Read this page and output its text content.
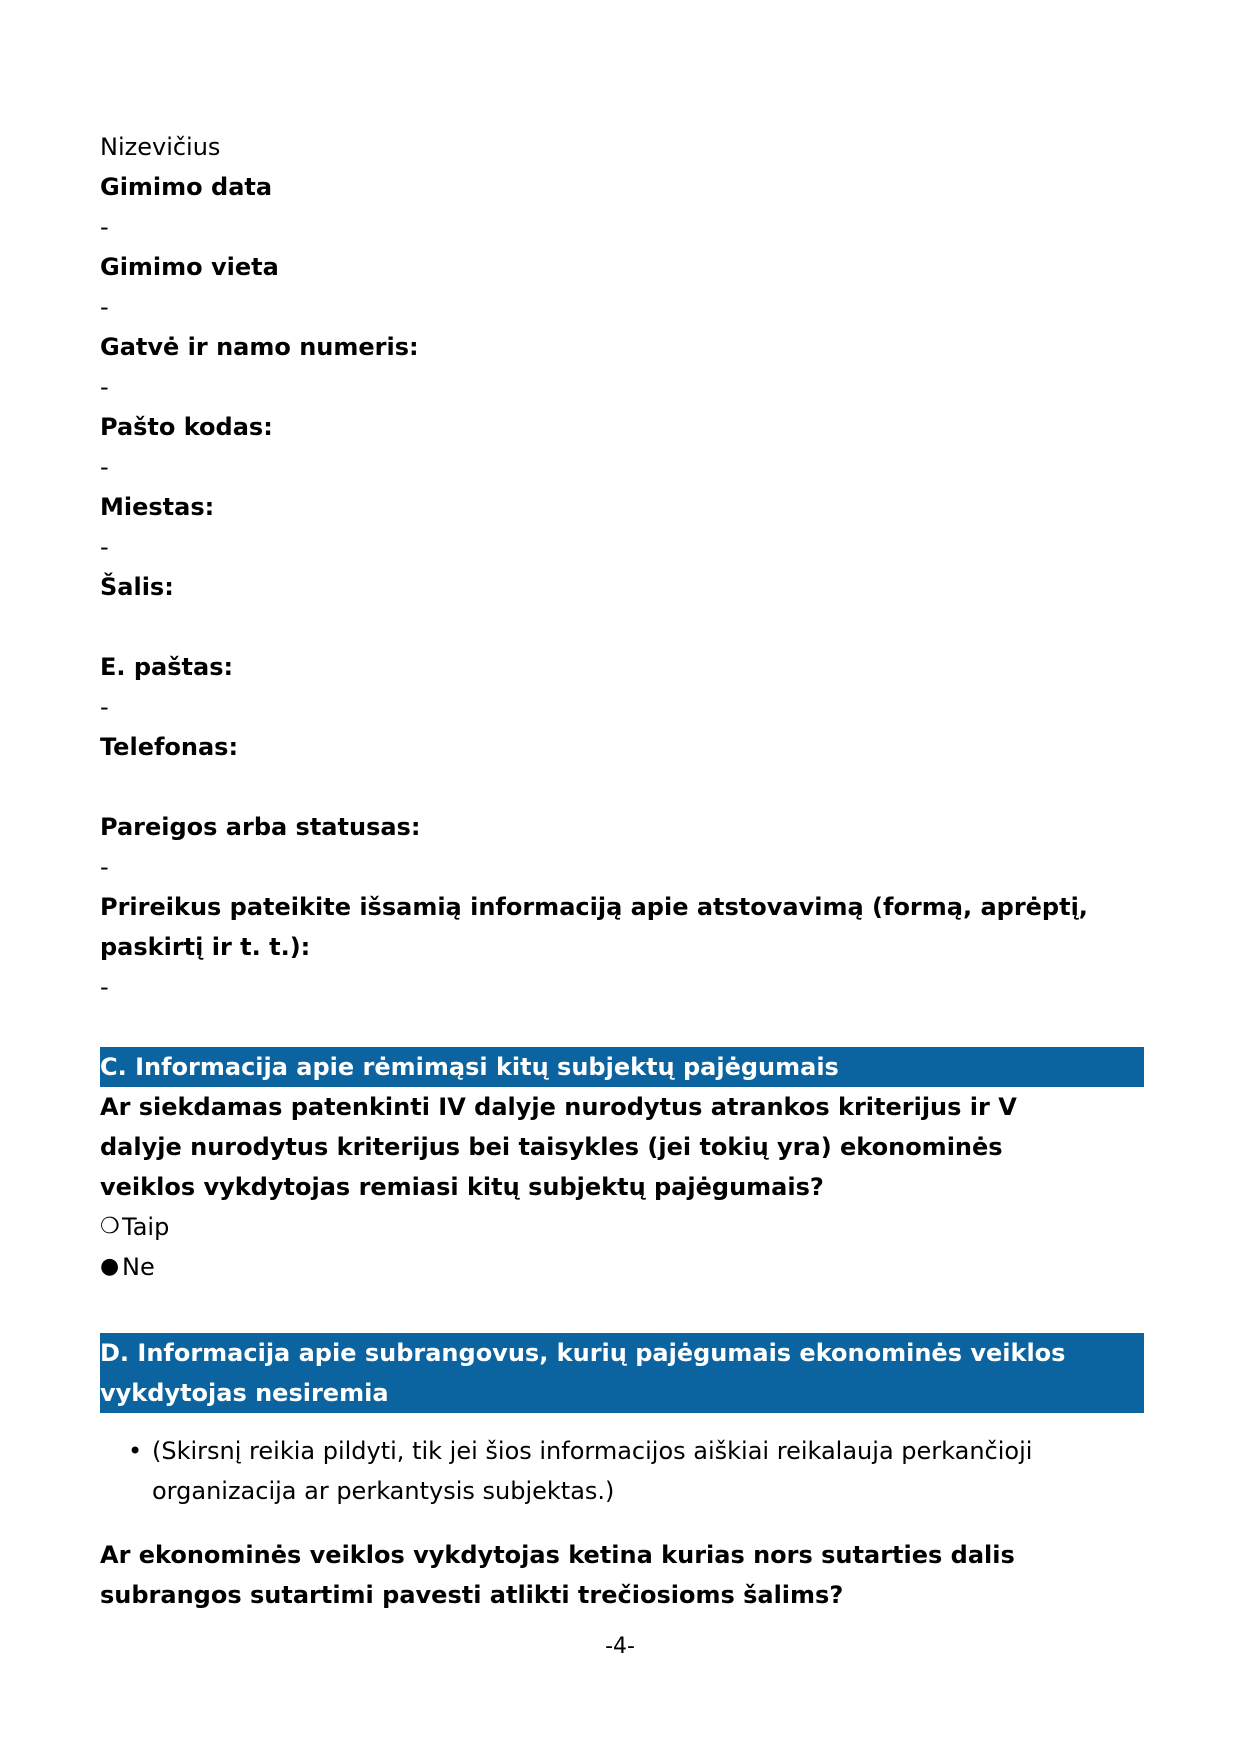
Nizevičius

Gimimo data

-

Gimimo vieta

-

Gatvė ir namo numeris:

-

Pašto kodas:

-

Miestas:

-

Šalis:

E. paštas:

-

Telefonas:

Pareigos arba statusas:

-

Prireikus pateikite išsamią informaciją apie atstovavimą (formą, aprėptį,

paskirtį ir t. t.):

-

C. Informacija apie rėmimąsi kitų subjektų pajėgumais
Ar siekdamas patenkinti IV dalyje nurodytus atrankos kriterijus ir V
dalyje nurodytus kriterijus bei taisykles (jei tokių yra) ekonominės
veiklos vykdytojas remiasi kitų subjektų pajėgumais?
❍ Taip
● Ne
D. Informacija apie subrangovus, kurių pajėgumais ekonominės veiklos
vykdytojas nesiremia
• (Skirsnį reikia pildyti, tik jei šios informacijos aiškiai reikalauja perkančioji
organizacija ar perkantysis subjektas.)
Ar ekonominės veiklos vykdytojas ketina kurias nors sutarties dalis
subrangos sutartimi pavesti atlikti trečiosioms šalims?
-4-
